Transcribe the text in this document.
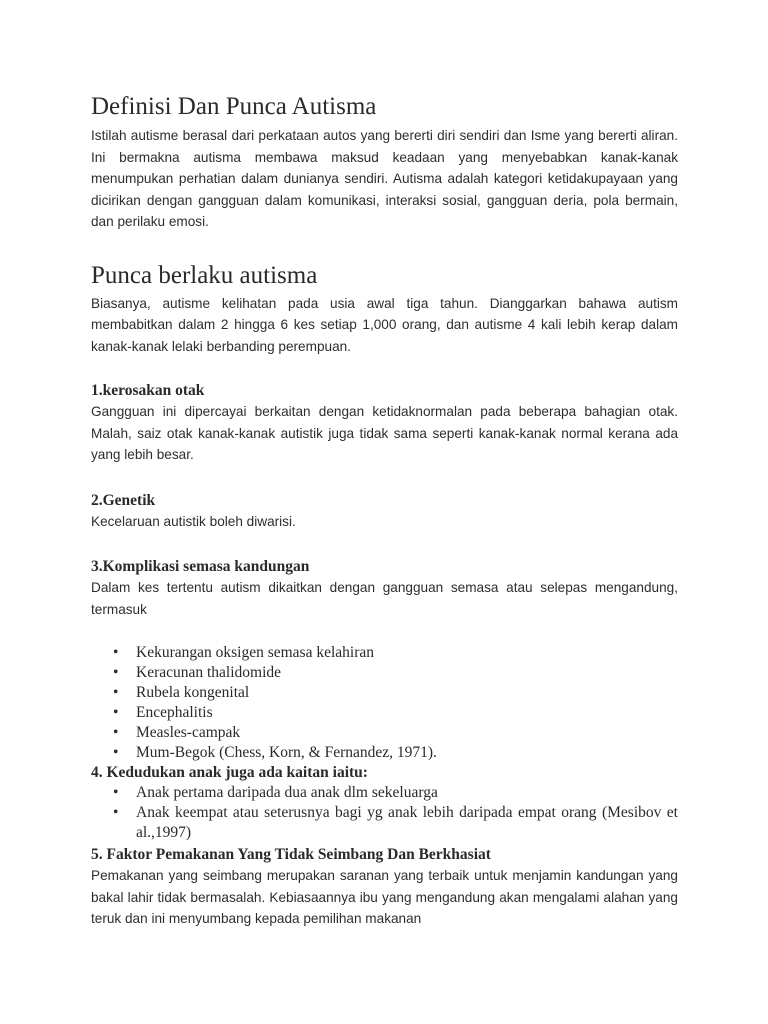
Definisi Dan Punca Autisma

Istilah autisme berasal dari perkataan autos yang bererti diri sendiri dan Isme yang bererti aliran. Ini bermakna autisma membawa maksud keadaan yang menyebabkan kanak-kanak menumpukan perhatian dalam dunianya sendiri. Autisma adalah kategori ketidakupayaan yang dicirikan dengan gangguan dalam komunikasi, interaksi sosial, gangguan deria, pola bermain, dan perilaku emosi.

Punca berlaku autisma

Biasanya, autisme kelihatan pada usia awal tiga tahun. Dianggarkan bahawa autism membabitkan dalam 2 hingga 6 kes setiap 1,000 orang, dan autisme 4 kali lebih kerap dalam kanak-kanak lelaki berbanding perempuan.

1.kerosakan otak

Gangguan ini dipercayai berkaitan dengan ketidaknormalan pada beberapa bahagian otak. Malah, saiz otak kanak-kanak autistik juga tidak sama seperti kanak-kanak normal kerana ada yang lebih besar.

2.Genetik

Kecelaruan autistik boleh diwarisi.

3.Komplikasi semasa kandungan

Dalam kes tertentu autism dikaitkan dengan gangguan semasa atau selepas mengandung, termasuk

• Kekurangan oksigen semasa kelahiran
• Keracunan thalidomide
• Rubela kongenital
• Encephalitis
• Measles-campak
• Mum-Begok (Chess, Korn, & Fernandez, 1971).
4. Kedudukan anak juga ada kaitan iaitu:
• Anak pertama daripada dua anak dlm sekeluarga
• Anak keempat atau seterusnya bagi yg anak lebih daripada empat orang (Mesibov et al.,1997)
5. Faktor Pemakanan Yang Tidak Seimbang Dan Berkhasiat

Pemakanan yang seimbang merupakan saranan yang terbaik untuk menjamin kandungan yang bakal lahir tidak bermasalah. Kebiasaannya ibu yang mengandung akan mengalami alahan yang teruk dan ini menyumbang kepada pemilihan makanan
